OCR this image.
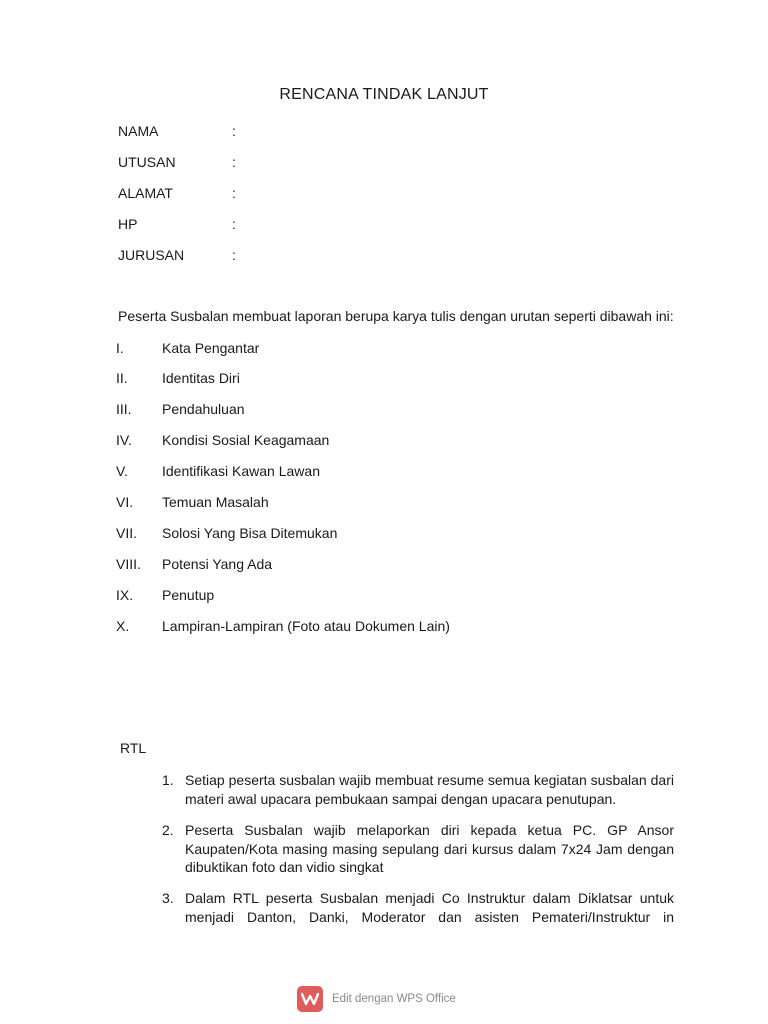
RENCANA TINDAK LANJUT
NAMA	:
UTUSAN	:
ALAMAT	:
HP	:
JURUSAN	:
Peserta Susbalan membuat laporan berupa karya tulis dengan urutan seperti dibawah ini:
I.	Kata Pengantar
II. Identitas Diri
III. Pendahuluan
IV. Kondisi Sosial Keagamaan
V. Identifikasi Kawan Lawan
VI. Temuan Masalah
VII. Solosi Yang Bisa Ditemukan
VIII. Potensi Yang Ada
IX. Penutup
X. Lampiran-Lampiran (Foto atau Dokumen Lain)
RTL
1. Setiap peserta susbalan wajib membuat resume semua kegiatan susbalan dari materi awal upacara pembukaan sampai dengan upacara penutupan.
2. Peserta Susbalan wajib melaporkan diri kepada ketua PC. GP Ansor Kaupaten/Kota masing masing sepulang dari kursus dalam 7x24 Jam dengan dibuktikan foto dan vidio singkat
3. Dalam RTL peserta Susbalan menjadi Co Instruktur dalam Diklatsar untuk menjadi Danton, Danki, Moderator dan asisten Pemateri/Instruktur in
Edit dengan WPS Office
